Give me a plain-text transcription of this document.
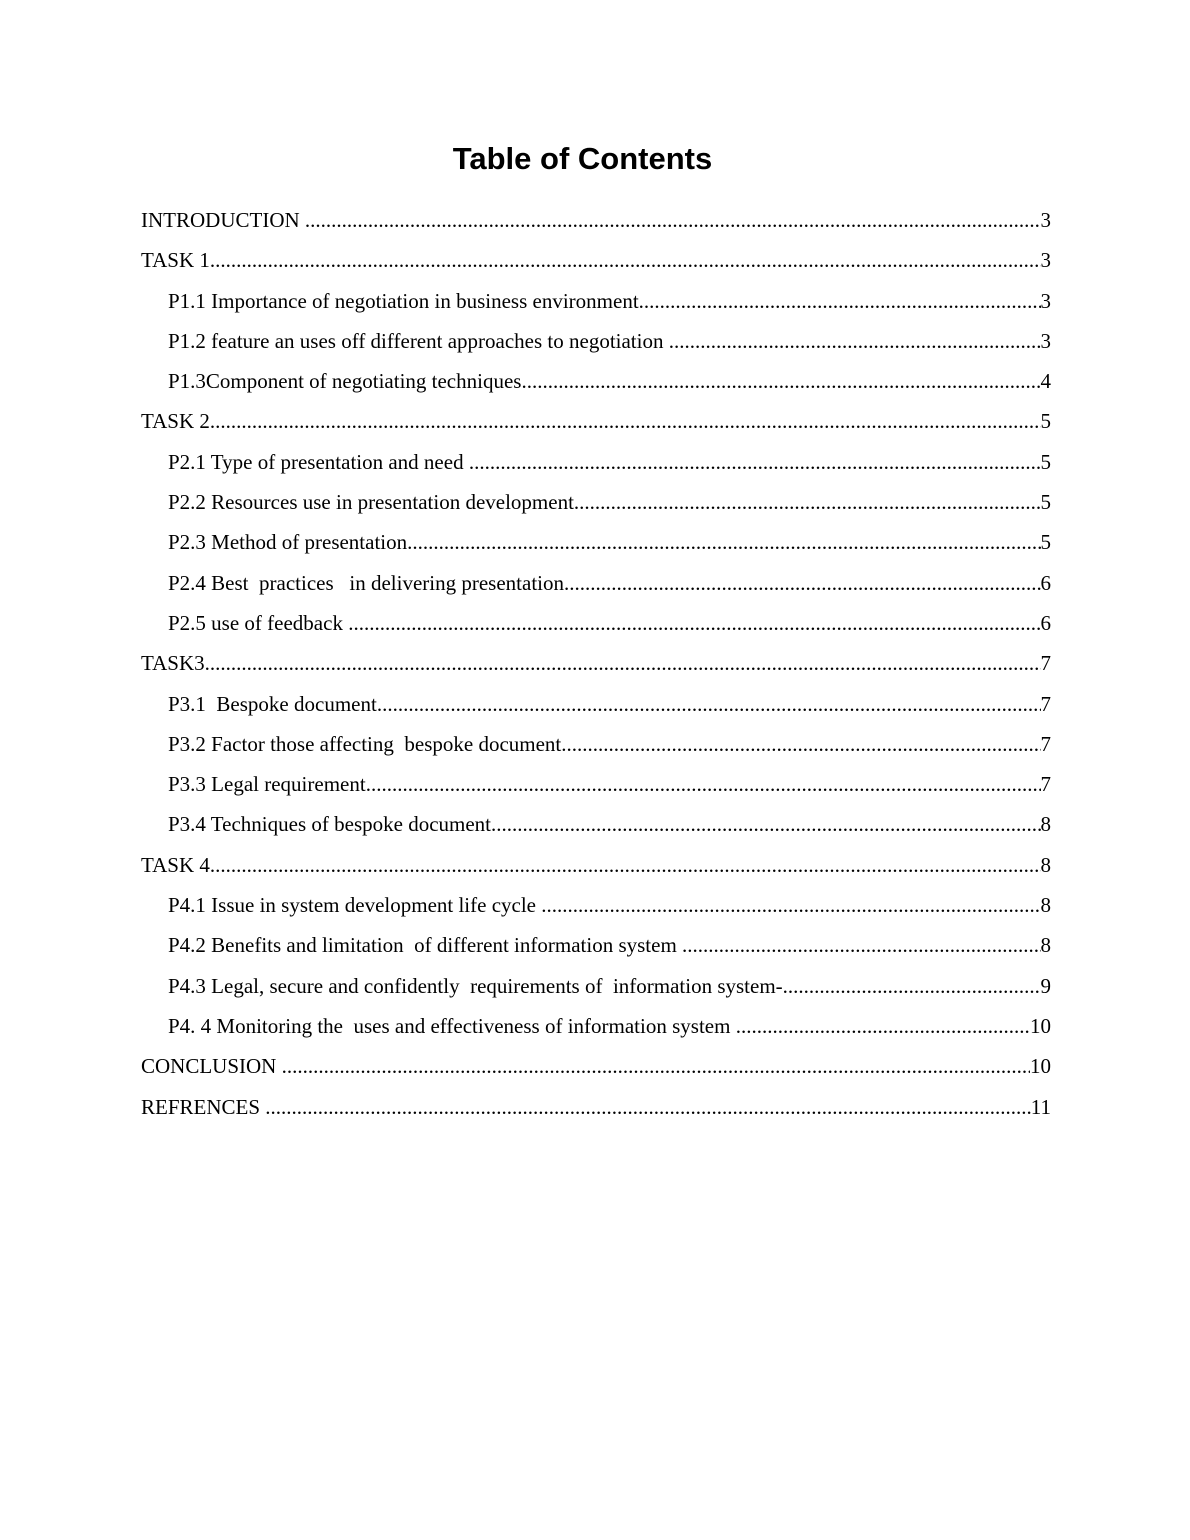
Table of Contents
INTRODUCTION .....	3
TASK 1 .....	3
P1.1 Importance of negotiation in business environment .....	3
P1.2 feature an uses off different approaches to negotiation .....	3
P1.3Component of negotiating techniques .....	4
TASK 2 .....	5
P2.1 Type of presentation and need .....	5
P2.2 Resources use in presentation development .....	5
P2.3 Method of presentation .....	5
P2.4 Best  practices   in delivering presentation .....	6
P2.5 use of feedback .....	6
TASK3 .....	7
P3.1  Bespoke document .....	7
P3.2 Factor those affecting  bespoke document .....	7
P3.3 Legal requirement .....	7
P3.4 Techniques of bespoke document .....	8
TASK 4 .....	8
P4.1 Issue in system development life cycle .....	8
P4.2 Benefits and limitation  of different information system .....	8
P4.3 Legal, secure and confidently  requirements of  information system- .....	9
P4. 4 Monitoring the  uses and effectiveness of information system .....	10
CONCLUSION .....	10
REFRENCES .....	11
